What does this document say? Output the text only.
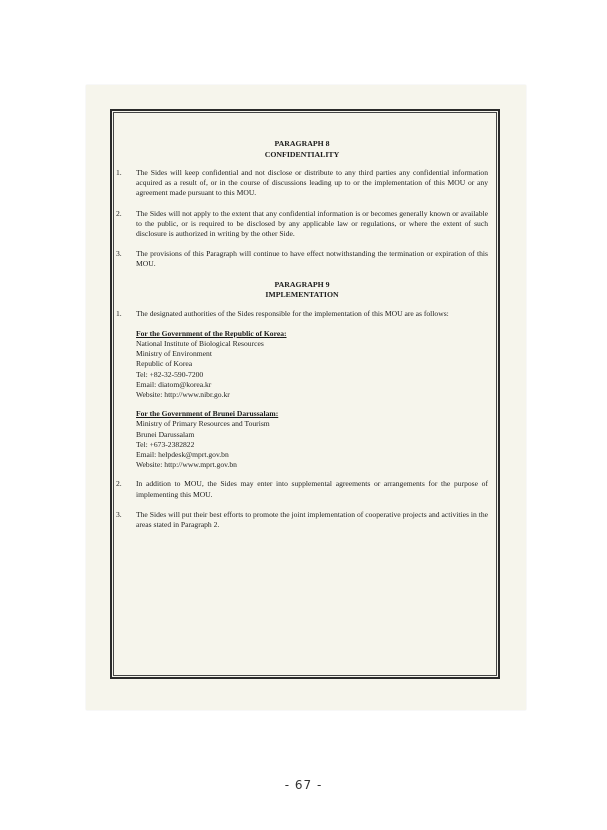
PARAGRAPH 8

CONFIDENTIALITY

1.	The Sides will keep confidential and not disclose or distribute to any third parties any confidential information acquired as a result of, or in the course of discussions leading up to or the implementation of this MOU or any agreement made pursuant to this MOU.
2.	The Sides will not apply to the extent that any confidential information is or becomes generally known or available to the public, or is required to be disclosed by any applicable law or regulations, or where the extent of such disclosure is authorized in writing by the other Side.
3.	The provisions of this Paragraph will continue to have effect notwithstanding the termination or expiration of this MOU.

PARAGRAPH 9

IMPLEMENTATION

1.	The designated authorities of the Sides responsible for the implementation of this MOU are as follows:
For the Government of the Republic of Korea:
National Institute of Biological Resources
Ministry of Environment
Republic of Korea
Tel: +82-32-590-7200
Email: diatom@korea.kr
Website: http://www.nibr.go.kr
For the Government of Brunei Darussalam:
Ministry of Primary Resources and Tourism
Brunei Darussalam
Tel: +673-2382822
Email: helpdesk@mprt.gov.bn
Website: http://www.mprt.gov.bn
2.	In addition to MOU, the Sides may enter into supplemental agreements or arrangements for the purpose of implementing this MOU.
3.	The Sides will put their best efforts to promote the joint implementation of cooperative projects and activities in the areas stated in Paragraph 2.
- 67 -
